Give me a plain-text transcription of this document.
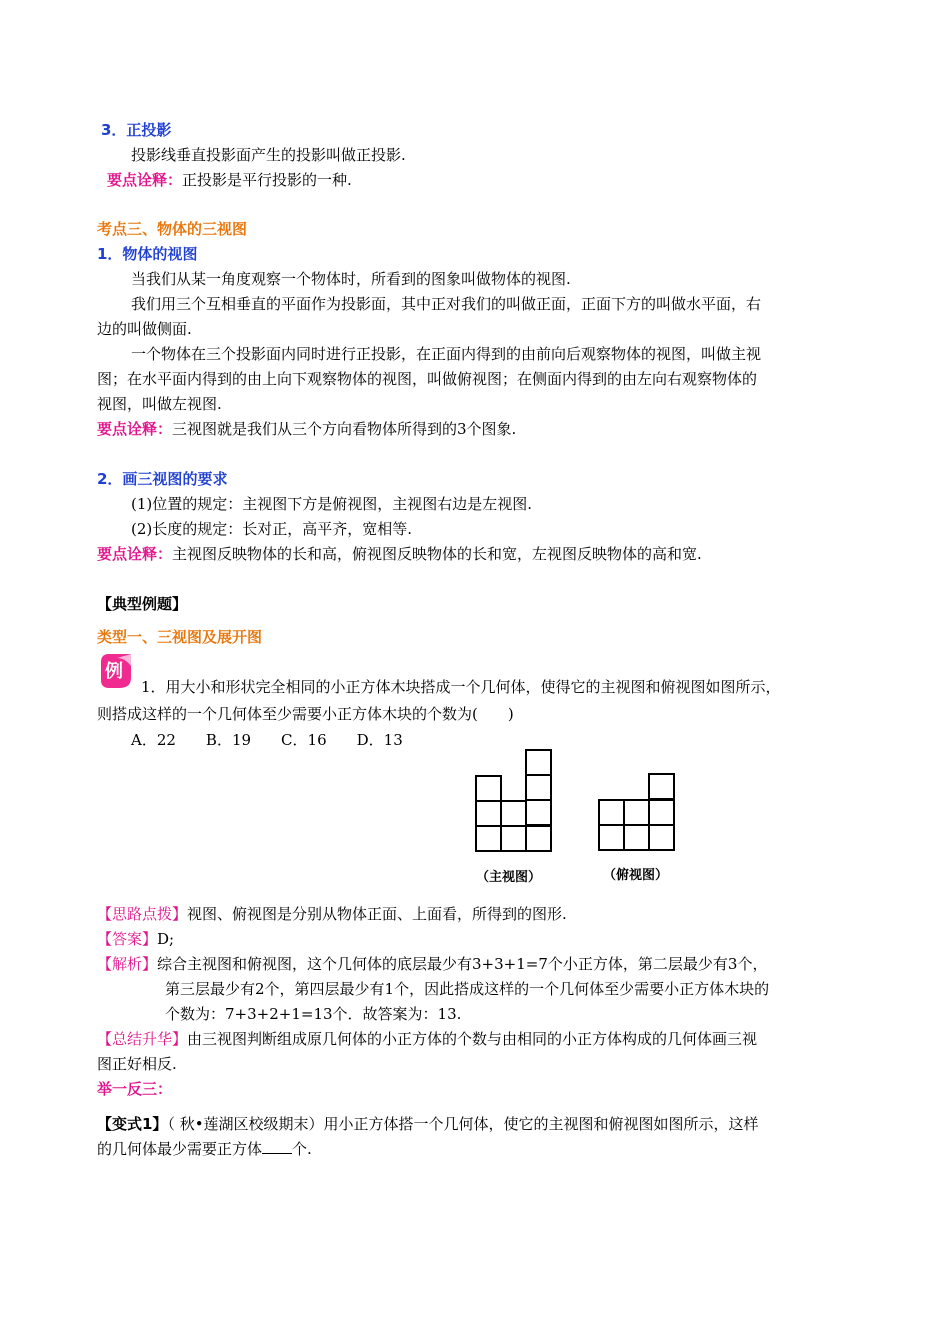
3．正投影
投影线垂直投影面产生的投影叫做正投影.
要点诠释：正投影是平行投影的一种.
考点三、物体的三视图
1．物体的视图
当我们从某一角度观察一个物体时，所看到的图象叫做物体的视图.
我们用三个互相垂直的平面作为投影面，其中正对我们的叫做正面，正面下方的叫做水平面，右
边的叫做侧面.
一个物体在三个投影面内同时进行正投影，在正面内得到的由前向后观察物体的视图，叫做主视
图；在水平面内得到的由上向下观察物体的视图，叫做俯视图；在侧面内得到的由左向右观察物体的
视图，叫做左视图.
要点诠释：三视图就是我们从三个方向看物体所得到的3个图象.
2．画三视图的要求
(1)位置的规定：主视图下方是俯视图，主视图右边是左视图.
(2)长度的规定：长对正，高平齐，宽相等.
要点诠释：主视图反映物体的长和高，俯视图反映物体的长和宽，左视图反映物体的高和宽.
【典型例题】
类型一、三视图及展开图
例
1．用大小和形状完全相同的小正方体木块搭成一个几何体，使得它的主视图和俯视图如图所示，
则搭成这样的一个几何体至少需要小正方体木块的个数为(　　)
A．22 B．19 C．16 D．13
（主视图）	（俯视图）
【思路点拨】视图、俯视图是分别从物体正面、上面看，所得到的图形.
【答案】D;
【解析】综合主视图和俯视图，这个几何体的底层最少有3+3+1=7个小正方体，第二层最少有3个，
第三层最少有2个，第四层最少有1个，因此搭成这样的一个几何体至少需要小正方体木块的
个数为：7+3+2+1=13个．故答案为：13.
【总结升华】由三视图判断组成原几何体的小正方体的个数与由相同的小正方体构成的几何体画三视
图正好相反.
举一反三：
【变式1】（ 秋•莲湖区校级期末）用小正方体搭一个几何体，使它的主视图和俯视图如图所示，这样
的几何体最少需要正方体 个.
